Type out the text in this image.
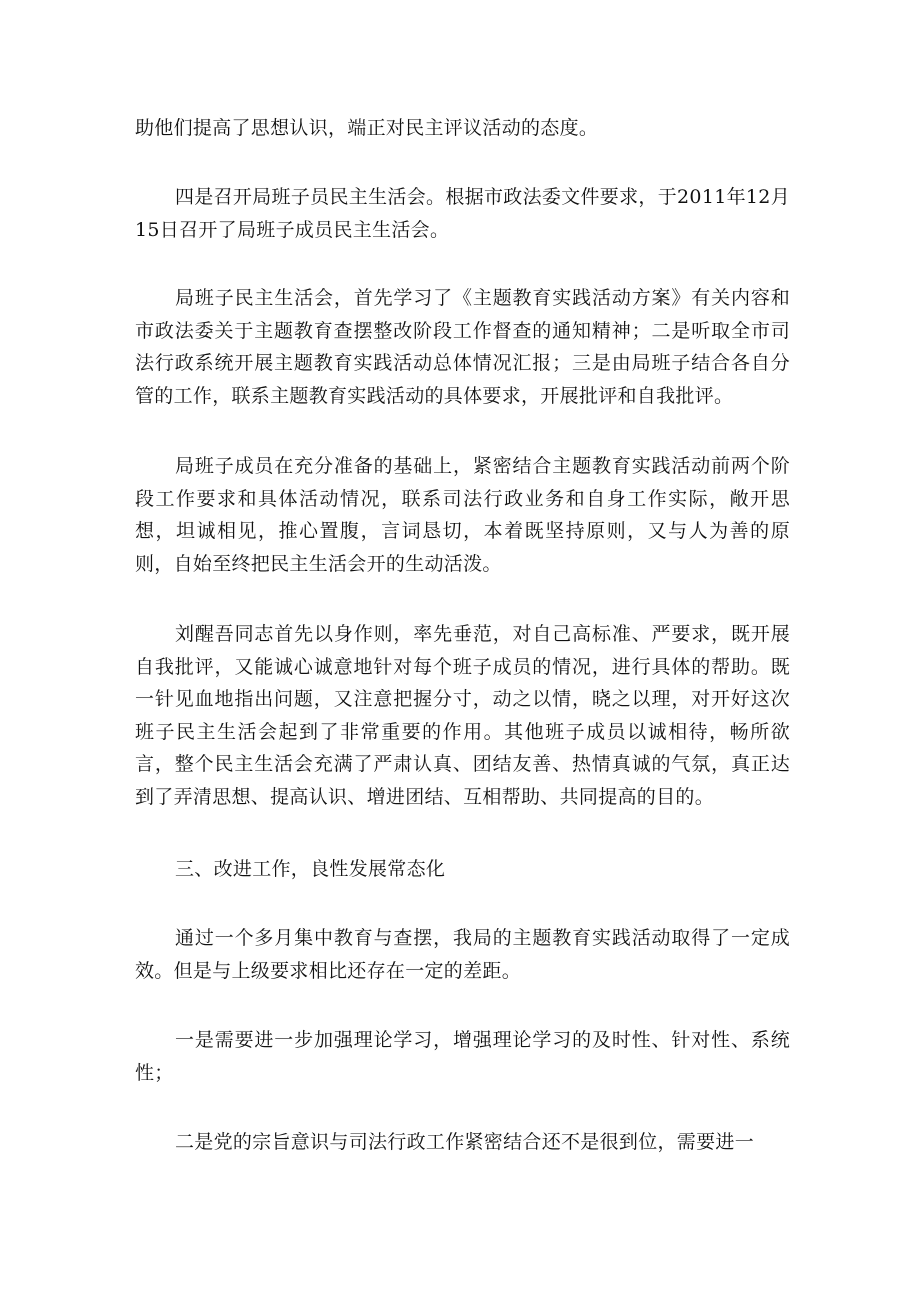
助他们提高了思想认识，端正对民主评议活动的态度。

四是召开局班子员民主生活会。根据市政法委文件要求，于2011年12月15日召开了局班子成员民主生活会。

局班子民主生活会，首先学习了《主题教育实践活动方案》有关内容和市政法委关于主题教育查摆整改阶段工作督查的通知精神；二是听取全市司法行政系统开展主题教育实践活动总体情况汇报；三是由局班子结合各自分管的工作，联系主题教育实践活动的具体要求，开展批评和自我批评。

局班子成员在充分准备的基础上，紧密结合主题教育实践活动前两个阶段工作要求和具体活动情况，联系司法行政业务和自身工作实际，敞开思想，坦诚相见，推心置腹，言词恳切，本着既坚持原则，又与人为善的原则，自始至终把民主生活会开的生动活泼。

刘醒吾同志首先以身作则，率先垂范，对自己高标准、严要求，既开展自我批评，又能诚心诚意地针对每个班子成员的情况，进行具体的帮助。既一针见血地指出问题，又注意把握分寸，动之以情，晓之以理，对开好这次班子民主生活会起到了非常重要的作用。其他班子成员以诚相待，畅所欲言，整个民主生活会充满了严肃认真、团结友善、热情真诚的气氛，真正达到了弄清思想、提高认识、增进团结、互相帮助、共同提高的目的。

三、改进工作，良性发展常态化

通过一个多月集中教育与查摆，我局的主题教育实践活动取得了一定成效。但是与上级要求相比还存在一定的差距。

一是需要进一步加强理论学习，增强理论学习的及时性、针对性、系统性；

二是党的宗旨意识与司法行政工作紧密结合还不是很到位，需要进一
